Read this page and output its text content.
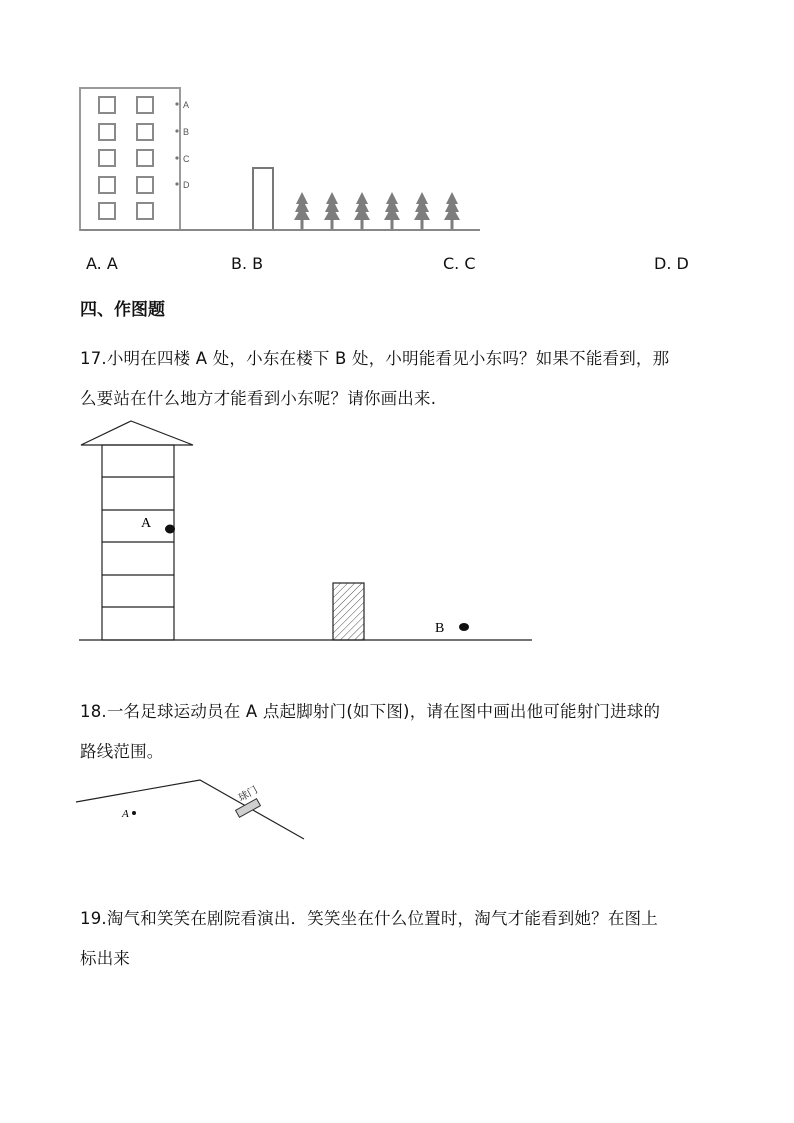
A
B
C
D
A. A	B. B	C. C	D. D
四、作图题
17.小明在四楼 A 处，小东在楼下 B 处，小明能看见小东吗？如果不能看到，那
么要站在什么地方才能看到小东呢？请你画出来.
A
B
18.一名足球运动员在 A 点起脚射门(如下图)，请在图中画出他可能射门进球的
路线范围。
球门
A
19.淘气和笑笑在剧院看演出．笑笑坐在什么位置时，淘气才能看到她？在图上
标出来
